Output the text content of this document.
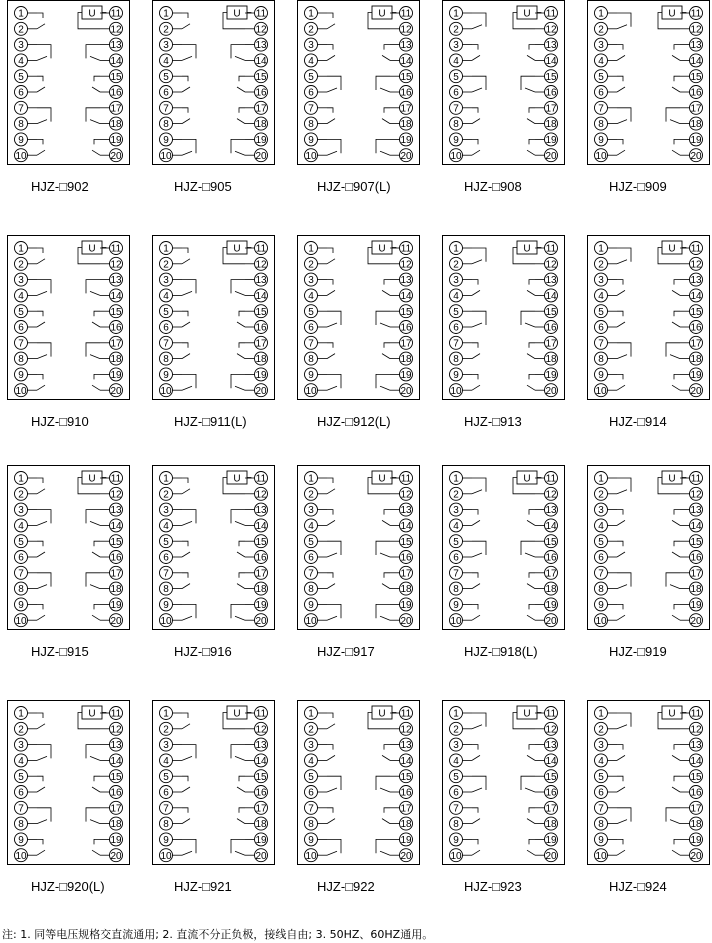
1
2
3
4
5
6
7
8
9
10
11
12
13
14
15
16
17
18
19
20
U
HJZ-□902
1
2
3
4
5
6
7
8
9
10
11
12
13
14
15
16
17
18
19
20
U
HJZ-□905
1
2
3
4
5
6
7
8
9
10
11
12
13
14
15
16
17
18
19
20
U
HJZ-□907(L)
1
2
3
4
5
6
7
8
9
10
11
12
13
14
15
16
17
18
19
20
U
HJZ-□908
1
2
3
4
5
6
7
8
9
10
11
12
13
14
15
16
17
18
19
20
U
HJZ-□909
1
2
3
4
5
6
7
8
9
10
11
12
13
14
15
16
17
18
19
20
U
HJZ-□910
1
2
3
4
5
6
7
8
9
10
11
12
13
14
15
16
17
18
19
20
U
HJZ-□911(L)
1
2
3
4
5
6
7
8
9
10
11
12
13
14
15
16
17
18
19
20
U
HJZ-□912(L)
1
2
3
4
5
6
7
8
9
10
11
12
13
14
15
16
17
18
19
20
U
HJZ-□913
1
2
3
4
5
6
7
8
9
10
11
12
13
14
15
16
17
18
19
20
U
HJZ-□914
1
2
3
4
5
6
7
8
9
10
11
12
13
14
15
16
17
18
19
20
U
HJZ-□915
1
2
3
4
5
6
7
8
9
10
11
12
13
14
15
16
17
18
19
20
U
HJZ-□916
1
2
3
4
5
6
7
8
9
10
11
12
13
14
15
16
17
18
19
20
U
HJZ-□917
1
2
3
4
5
6
7
8
9
10
11
12
13
14
15
16
17
18
19
20
U
HJZ-□918(L)
1
2
3
4
5
6
7
8
9
10
11
12
13
14
15
16
17
18
19
20
U
HJZ-□919
1
2
3
4
5
6
7
8
9
10
11
12
13
14
15
16
17
18
19
20
U
HJZ-□920(L)
1
2
3
4
5
6
7
8
9
10
11
12
13
14
15
16
17
18
19
20
U
HJZ-□921
1
2
3
4
5
6
7
8
9
10
11
12
13
14
15
16
17
18
19
20
U
HJZ-□922
1
2
3
4
5
6
7
8
9
10
11
12
13
14
15
16
17
18
19
20
U
HJZ-□923
1
2
3
4
5
6
7
8
9
10
11
12
13
14
15
16
17
18
19
20
U
HJZ-□924
注: 1. 同等电压规格交直流通用; 2. 直流不分正负极，接线自由; 3. 50HZ、60HZ通用。
